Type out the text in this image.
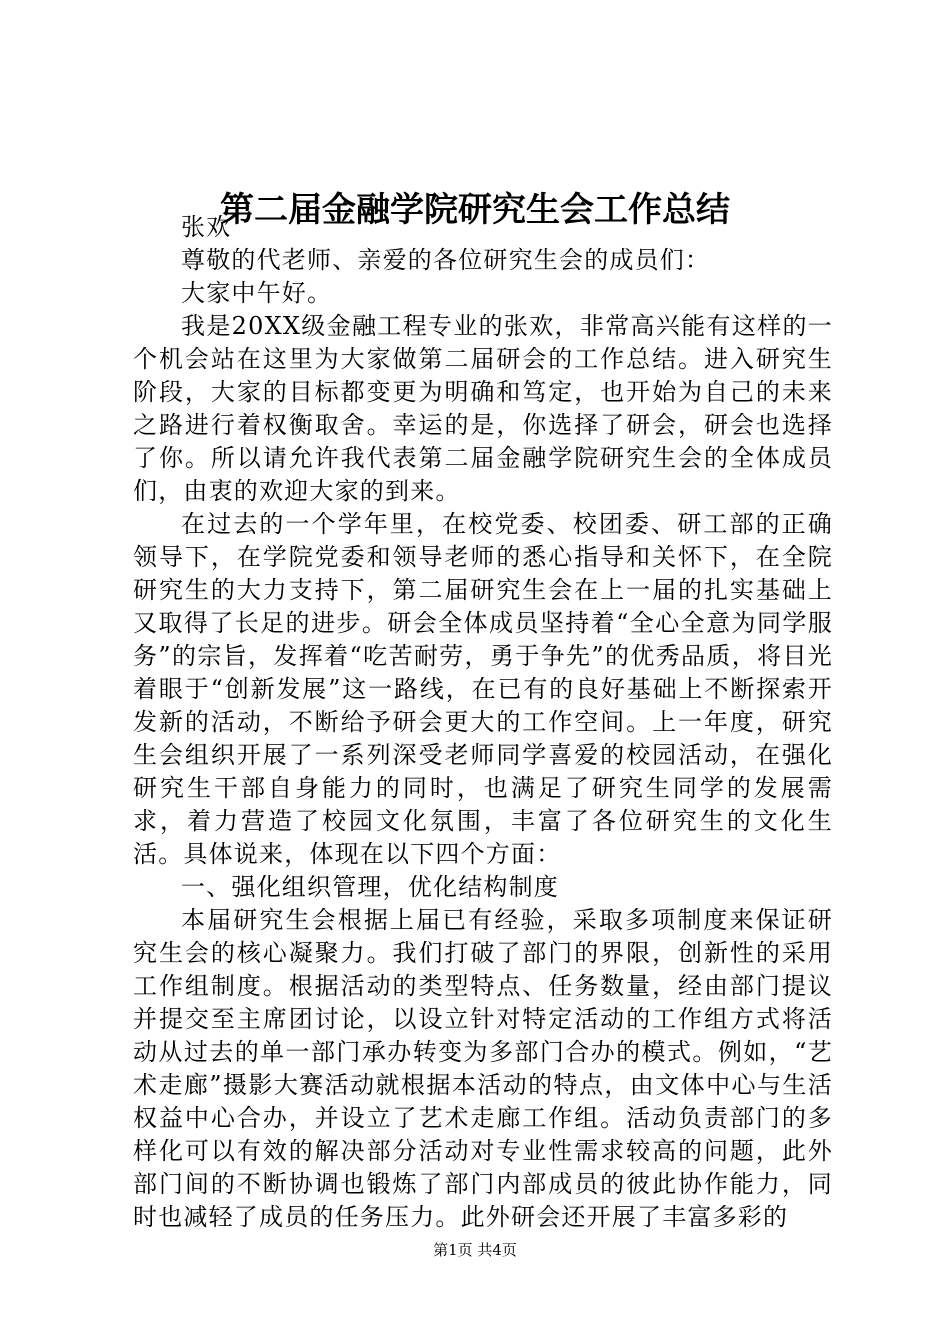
第二届金融学院研究生会工作总结

张欢

尊敬的代老师、亲爱的各位研究生会的成员们：

大家中午好。

我是20XX级金融工程专业的张欢，非常高兴能有这样的一个机会站在这里为大家做第二届研会的工作总结。进入研究生阶段，大家的目标都变更为明确和笃定，也开始为自己的未来之路进行着权衡取舍。幸运的是，你选择了研会，研会也选择了你。所以请允许我代表第二届金融学院研究生会的全体成员们，由衷的欢迎大家的到来。

在过去的一个学年里，在校党委、校团委、研工部的正确领导下，在学院党委和领导老师的悉心指导和关怀下，在全院研究生的大力支持下，第二届研究生会在上一届的扎实基础上又取得了长足的进步。研会全体成员坚持着“全心全意为同学服务”的宗旨，发挥着“吃苦耐劳，勇于争先”的优秀品质，将目光着眼于“创新发展”这一路线，在已有的良好基础上不断探索开发新的活动，不断给予研会更大的工作空间。上一年度，研究生会组织开展了一系列深受老师同学喜爱的校园活动，在强化研究生干部自身能力的同时，也满足了研究生同学的发展需求，着力营造了校园文化氛围，丰富了各位研究生的文化生活。具体说来，体现在以下四个方面：

一、强化组织管理，优化结构制度

本届研究生会根据上届已有经验，采取多项制度来保证研究生会的核心凝聚力。我们打破了部门的界限，创新性的采用工作组制度。根据活动的类型特点、任务数量，经由部门提议并提交至主席团讨论，以设立针对特定活动的工作组方式将活动从过去的单一部门承办转变为多部门合办的模式。例如，“艺术走廊”摄影大赛活动就根据本活动的特点，由文体中心与生活权益中心合办，并设立了艺术走廊工作组。活动负责部门的多样化可以有效的解决部分活动对专业性需求较高的问题，此外部门间的不断协调也锻炼了部门内部成员的彼此协作能力，同时也减轻了成员的任务压力。此外研会还开展了丰富多彩的

第1页 共4页
